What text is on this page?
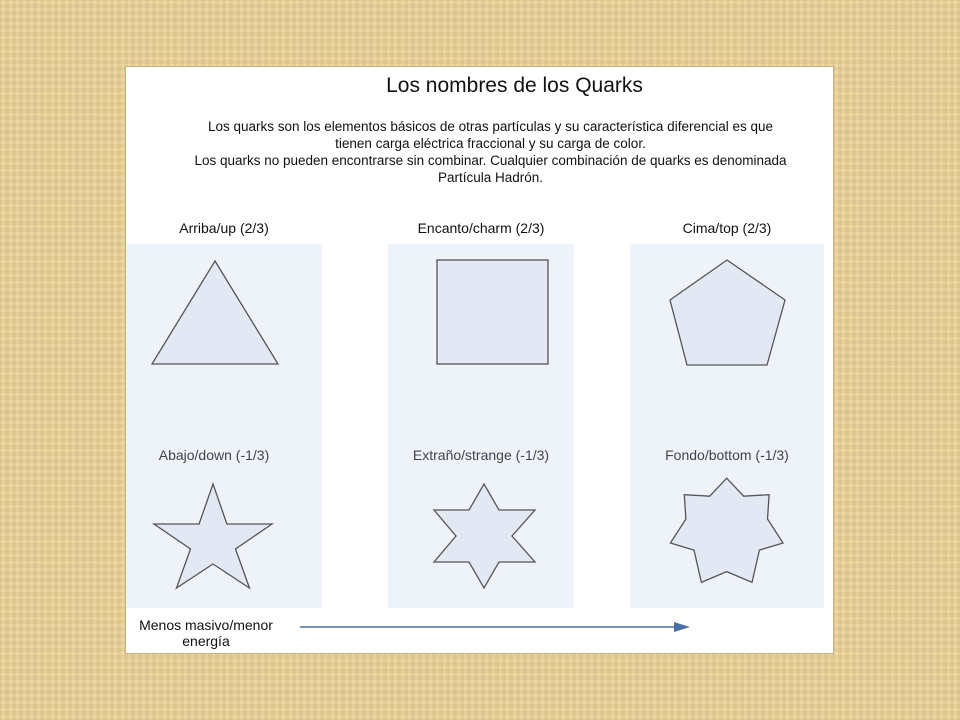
Los nombres de los Quarks
Los quarks son los elementos básicos de otras partículas y su característica diferencial es que
tienen carga eléctrica fraccional y su carga de color.
Los quarks no pueden encontrarse sin combinar. Cualquier combinación de quarks es denominada
Partícula Hadrón.
Arriba/up (2/3)	Encanto/charm (2/3)	Cima/top (2/3)
Abajo/down (-1/3)	Extraño/strange (-1/3)	Fondo/bottom (-1/3)
Menos masivo/menor
energía
